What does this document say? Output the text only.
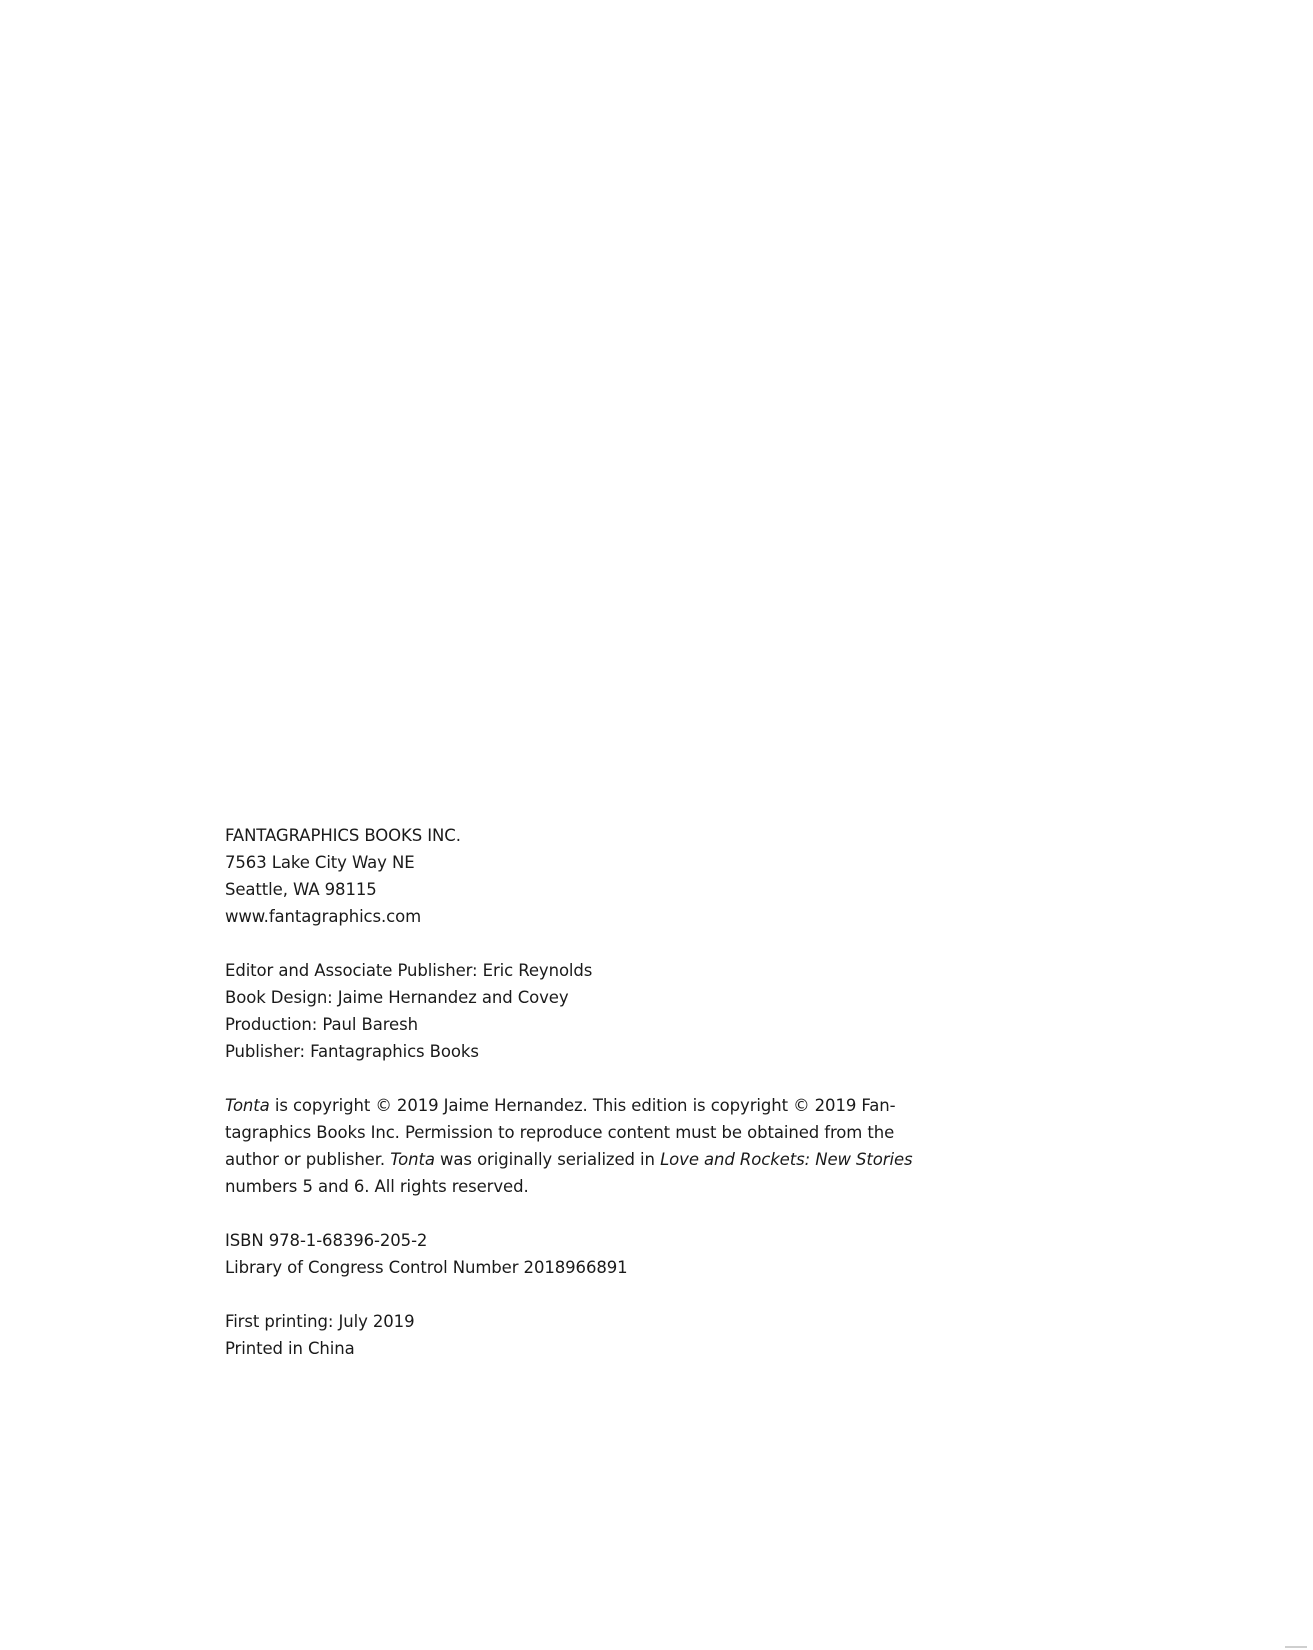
FANTAGRAPHICS BOOKS INC.
7563 Lake City Way NE
Seattle, WA 98115
www.fantagraphics.com
Editor and Associate Publisher: Eric Reynolds
Book Design: Jaime Hernandez and Covey
Production: Paul Baresh
Publisher: Fantagraphics Books
Tonta is copyright © 2019 Jaime Hernandez. This edition is copyright © 2019 Fan-
tagraphics Books Inc. Permission to reproduce content must be obtained from the
author or publisher. Tonta was originally serialized in Love and Rockets: New Stories
numbers 5 and 6. All rights reserved.
ISBN 978-1-68396-205-2
Library of Congress Control Number 2018966891
First printing: July 2019
Printed in China
